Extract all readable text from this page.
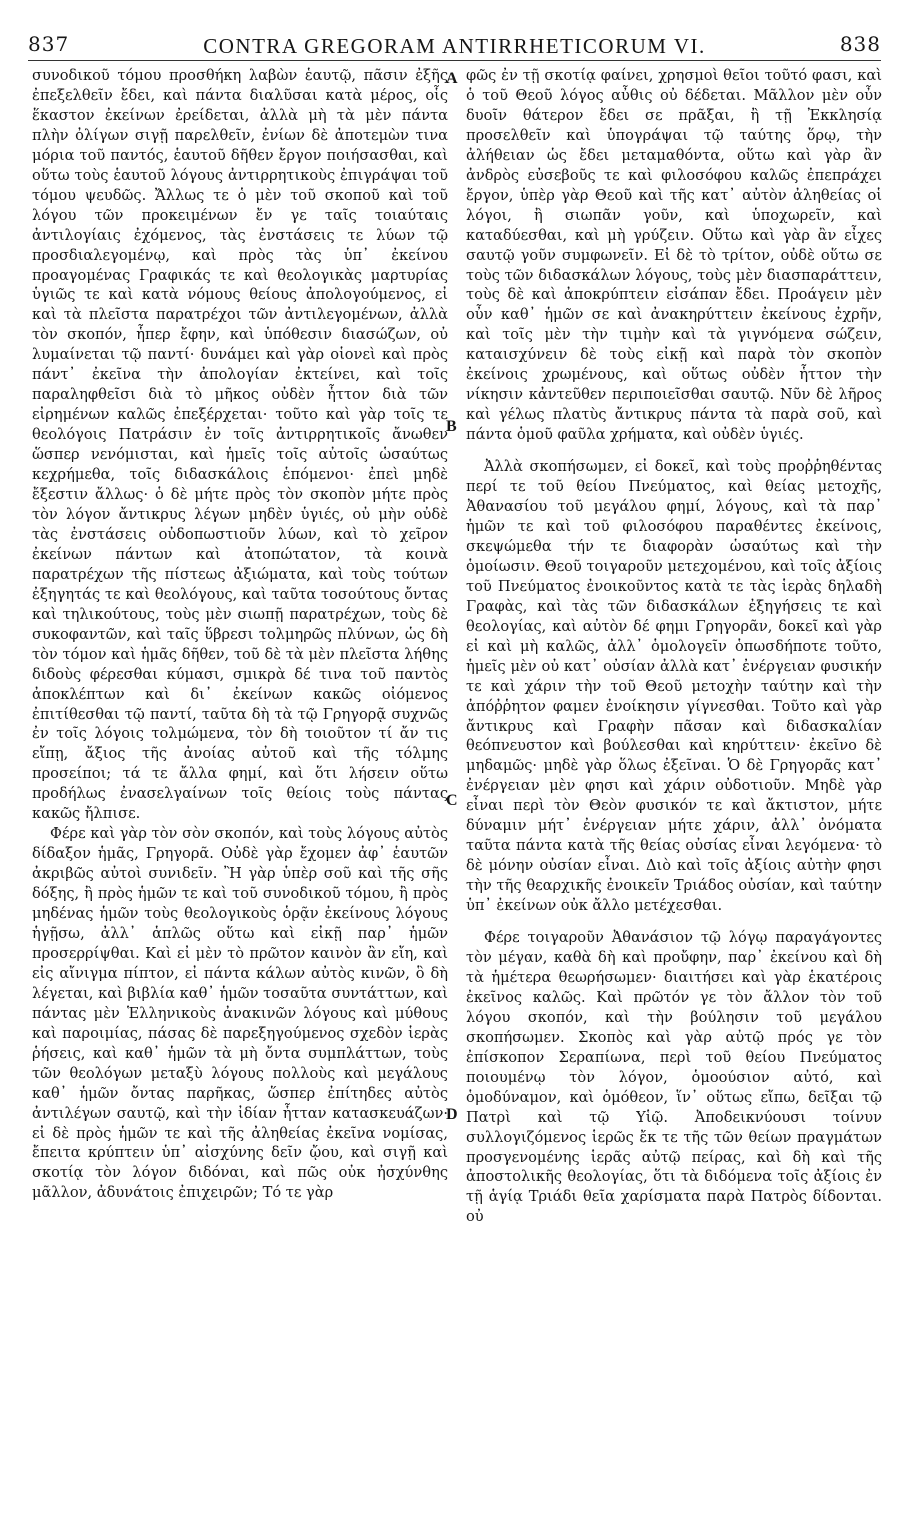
837	CONTRA GREGORAM ANTIRRHETICORUM VI.	838

συνοδικοῦ τόμου προσθήκη λαβὼν ἑαυτῷ, πᾶσιν ἐξῆς ἐπεξελθεῖν ἔδει, καὶ πάντα διαλῦσαι κατὰ μέρος, οἷς ἕκαστον ἐκείνων ἐρείδεται, ἀλλὰ μὴ τὰ μὲν πάντα πλὴν ὀλίγων σιγῇ παρελθεῖν, ἐνίων δὲ ἀποτεμὼν τινα μόρια τοῦ παντός, ἑαυτοῦ δῆθεν ἔργον ποιήσασθαι, καὶ οὕτω τοὺς ἑαυτοῦ λόγους ἀντιρρητικοὺς ἐπιγράψαι τοῦ τόμου ψευδῶς. Ἄλλως τε ὁ μὲν τοῦ σκοποῦ καὶ τοῦ λόγου τῶν προκειμένων ἔν γε ταῖς τοιαύταις ἀντιλογίαις ἐχόμενος, τὰς ἐνστάσεις τε λύων τῷ προσδιαλεγομένῳ, καὶ πρὸς τὰς ὑπ᾽ ἐκείνου προαγομένας Γραφικάς τε καὶ θεολογικὰς μαρτυρίας ὑγιῶς τε καὶ κατὰ νόμους θείους ἀπολογούμενος, εἰ καὶ τὰ πλεῖστα παρατρέχοι τῶν ἀντιλεγομένων, ἀλλὰ τὸν σκοπόν, ἧπερ ἔφην, καὶ ὑπόθεσιν διασώζων, οὐ λυμαίνεται τῷ παντί· δυνάμει καὶ γὰρ οἱονεὶ καὶ πρὸς πάντ᾽ ἐκεῖνα τὴν ἀπολογίαν ἐκτείνει, καὶ τοῖς παραληφθεῖσι διὰ τὸ μῆκος οὐδὲν ἧττον διὰ τῶν εἰρημένων καλῶς ἐπεξέρχεται· τοῦτο καὶ γὰρ τοῖς τε θεολόγοις Πατράσιν ἐν τοῖς ἀντιρρητικοῖς ἄνωθεν ὥσπερ νενόμισται, καὶ ἡμεῖς τοῖς αὐτοῖς ὡσαύτως κεχρήμεθα, τοῖς διδασκάλοις ἑπόμενοι· ἐπεὶ μηδὲ ἔξεστιν ἄλλως· ὁ δὲ μήτε πρὸς τὸν σκοπὸν μήτε πρὸς τὸν λόγον ἄντικρυς λέγων μηδὲν ὑγιές, οὐ μὴν οὐδὲ τὰς ἐνστάσεις οὐδοπωστιοῦν λύων, καὶ τὸ χεῖρον ἐκείνων πάντων καὶ ἀτοπώτατον, τὰ κοινὰ παρατρέχων τῆς πίστεως ἀξιώματα, καὶ τοὺς τούτων ἐξηγητάς τε καὶ θεολόγους, καὶ ταῦτα τοσούτους ὄντας καὶ τηλικούτους, τοὺς μὲν σιωπῇ παρατρέχων, τοὺς δὲ συκοφαντῶν, καὶ ταῖς ὕβρεσι τολμηρῶς πλύνων, ὡς δὴ τὸν τόμον καὶ ἡμᾶς δῆθεν, τοῦ δὲ τὰ μὲν πλεῖστα λήθης διδοὺς φέρεσθαι κύμασι, σμικρὰ δέ τινα τοῦ παντὸς ἀποκλέπτων καὶ δι᾽ ἐκείνων κακῶς οἰόμενος ἐπιτίθεσθαι τῷ παντί, ταῦτα δὴ τὰ τῷ Γρηγορᾷ συχνῶς ἐν τοῖς λόγοις τολμώμενα, τὸν δὴ τοιοῦτον τί ἄν τις εἴπῃ, ἄξιος τῆς ἀνοίας αὐτοῦ καὶ τῆς τόλμης προσείποι; τά τε ἄλλα φημί, καὶ ὅτι λήσειν οὕτω προδήλως ἐνασελγαίνων τοῖς θείοις τοὺς πάντας κακῶς ἤλπισε.

Φέρε καὶ γὰρ τὸν σὸν σκοπόν, καὶ τοὺς λόγους αὐτὸς δίδαξον ἡμᾶς, Γρηγορᾶ. Οὐδὲ γὰρ ἔχομεν ἀφ᾽ ἑαυτῶν ἀκριβῶς αὐτοὶ συνιδεῖν. Ἢ γὰρ ὑπὲρ σοῦ καὶ τῆς σῆς δόξης, ἢ πρὸς ἡμῶν τε καὶ τοῦ συνοδικοῦ τόμου, ἢ πρὸς μηδένας ἡμῶν τοὺς θεολογικοὺς ὁρᾷν ἐκείνους λόγους ἡγῇσω, ἀλλ᾽ ἁπλῶς οὕτω καὶ εἰκῇ παρ᾽ ἡμῶν προσερρίψθαι. Καὶ εἰ μὲν τὸ πρῶτον καινὸν ἂν εἴη, καὶ εἰς αἴνιγμα πίπτον, εἰ πάντα κάλων αὐτὸς κινῶν, ὃ δὴ λέγεται, καὶ βιβλία καθ᾽ ἡμῶν τοσαῦτα συντάττων, καὶ πάντας μὲν Ἑλληνικοὺς ἀνακινῶν λόγους καὶ μύθους καὶ παροιμίας, πάσας δὲ παρεξηγούμενος σχεδὸν ἱερὰς ῥήσεις, καὶ καθ᾽ ἡμῶν τὰ μὴ ὄντα συμπλάττων, τοὺς τῶν θεολόγων μεταξὺ λόγους πολλοὺς καὶ μεγάλους καθ᾽ ἡμῶν ὄντας παρῆκας, ὥσπερ ἐπίτηδες αὐτὸς ἀντιλέγων σαυτῷ, καὶ τὴν ἰδίαν ἧτταν κατασκευάζων· εἰ δὲ πρὸς ἡμῶν τε καὶ τῆς ἀληθείας ἐκεῖνα νομίσας, ἔπειτα κρύπτειν ὑπ᾽ αἰσχύνης δεῖν ᾤου, καὶ σιγῇ καὶ σκοτίᾳ τὸν λόγον διδόναι, καὶ πῶς οὐκ ἠσχύνθης μᾶλλον, ἀδυνάτοις ἐπιχειρῶν; Τό τε γὰρ

A
B
C
D

φῶς ἐν τῇ σκοτίᾳ φαίνει, χρησμοὶ θεῖοι τοῦτό φασι, καὶ ὁ τοῦ Θεοῦ λόγος αὖθις οὐ δέδεται. Μᾶλλον μὲν οὖν δυοῖν θάτερον ἔδει σε πρᾶξαι, ἢ τῇ Ἐκκλησίᾳ προσελθεῖν καὶ ὑπογράψαι τῷ ταύτης ὅρῳ, τὴν ἀλήθειαν ὡς ἔδει μεταμαθόντα, οὕτω καὶ γὰρ ἂν ἀνδρὸς εὐσεβοῦς τε καὶ φιλοσόφου καλῶς ἐπεπράχει ἔργον, ὑπὲρ γὰρ Θεοῦ καὶ τῆς κατ᾽ αὐτὸν ἀληθείας οἱ λόγοι, ἢ σιωπᾶν γοῦν, καὶ ὑποχωρεῖν, καὶ καταδύεσθαι, καὶ μὴ γρύζειν. Οὕτω καὶ γὰρ ἂν εἶχες σαυτῷ γοῦν συμφωνεῖν. Εἰ δὲ τὸ τρίτον, οὐδὲ οὕτω σε τοὺς τῶν διδασκάλων λόγους, τοὺς μὲν διασπαράττειν, τοὺς δὲ καὶ ἀποκρύπτειν εἰσάπαν ἔδει. Προάγειν μὲν οὖν καθ᾽ ἡμῶν σε καὶ ἀνακηρύττειν ἐκείνους ἐχρῆν, καὶ τοῖς μὲν τὴν τιμὴν καὶ τὰ γιγνόμενα σώζειν, καταισχύνειν δὲ τοὺς εἰκῇ καὶ παρὰ τὸν σκοπὸν ἐκείνοις χρωμένους, καὶ οὕτως οὐδὲν ἧττον τὴν νίκησιν κἀντεῦθεν περιποιεῖσθαι σαυτῷ. Νῦν δὲ λῆρος καὶ γέλως πλατὺς ἄντικρυς πάντα τὰ παρὰ σοῦ, καὶ πάντα ὁμοῦ φαῦλα χρήματα, καὶ οὐδὲν ὑγιές.

Ἀλλὰ σκοπήσωμεν, εἰ δοκεῖ, καὶ τοὺς προῤῥηθέντας περί τε τοῦ θείου Πνεύματος, καὶ θείας μετοχῆς, Ἀθανασίου τοῦ μεγάλου φημί, λόγους, καὶ τὰ παρ᾽ ἡμῶν τε καὶ τοῦ φιλοσόφου παραθέντες ἐκείνοις, σκεψώμεθα τήν τε διαφορὰν ὡσαύτως καὶ τὴν ὁμοίωσιν. Θεοῦ τοιγαροῦν μετεχομένου, καὶ τοῖς ἀξίοις τοῦ Πνεύματος ἐνοικοῦντος κατὰ τε τὰς ἱερὰς δηλαδὴ Γραφὰς, καὶ τὰς τῶν διδασκάλων ἐξηγήσεις τε καὶ θεολογίας, καὶ αὐτὸν δέ φημι Γρηγορᾶν, δοκεῖ καὶ γὰρ εἰ καὶ μὴ καλῶς, ἀλλ᾽ ὁμολογεῖν ὁπωσδήποτε τοῦτο, ἡμεῖς μὲν οὐ κατ᾽ οὐσίαν ἀλλὰ κατ᾽ ἐνέργειαν φυσικήν τε καὶ χάριν τὴν τοῦ Θεοῦ μετοχὴν ταύτην καὶ τὴν ἀπόῤῥητον φαμεν ἐνοίκησιν γίγνεσθαι. Τοῦτο καὶ γὰρ ἄντικρυς καὶ Γραφὴν πᾶσαν καὶ διδασκαλίαν θεόπνευστον καὶ βούλεσθαι καὶ κηρύττειν· ἐκεῖνο δὲ μηδαμῶς· μηδὲ γὰρ ὅλως ἐξεῖναι. Ὁ δὲ Γρηγορᾶς κατ᾽ ἐνέργειαν μὲν φησι καὶ χάριν οὐδοτιοῦν. Μηδὲ γὰρ εἶναι περὶ τὸν Θεὸν φυσικόν τε καὶ ἄκτιστον, μήτε δύναμιν μήτ᾽ ἐνέργειαν μήτε χάριν, ἀλλ᾽ ὀνόματα ταῦτα πάντα κατὰ τῆς θείας οὐσίας εἶναι λεγόμενα· τὸ δὲ μόνην οὐσίαν εἶναι. Διὸ καὶ τοῖς ἀξίοις αὐτὴν φησι τὴν τῆς θεαρχικῆς ἐνοικεῖν Τριάδος οὐσίαν, καὶ ταύτην ὑπ᾽ ἐκείνων οὐκ ἄλλο μετέχεσθαι.

Φέρε τοιγαροῦν Ἀθανάσιον τῷ λόγῳ παραγάγοντες τὸν μέγαν, καθὰ δὴ καὶ προὔφην, παρ᾽ ἐκείνου καὶ δὴ τὰ ἡμέτερα θεωρήσωμεν· διαιτήσει καὶ γὰρ ἑκατέροις ἐκεῖνος καλῶς. Καὶ πρῶτόν γε τὸν ἄλλον τὸν τοῦ λόγου σκοπόν, καὶ τὴν βούλησιν τοῦ μεγάλου σκοπήσωμεν. Σκοπὸς καὶ γὰρ αὐτῷ πρός γε τὸν ἐπίσκοπον Σεραπίωνα, περὶ τοῦ θείου Πνεύματος ποιουμένῳ τὸν λόγον, ὁμοούσιον αὐτό, καὶ ὁμοδύναμον, καὶ ὁμόθεον, ἵν᾽ οὕτως εἴπω, δεῖξαι τῷ Πατρὶ καὶ τῷ Υἱῷ. Ἀποδεικνύουσι τοίνυν συλλογιζόμενος ἱερῶς ἔκ τε τῆς τῶν θείων πραγμάτων προσγενομένης ἱερᾶς αὐτῷ πείρας, καὶ δὴ καὶ τῆς ἀποστολικῆς θεολογίας, ὅτι τὰ διδόμενα τοῖς ἀξίοις ἐν τῇ ἁγίᾳ Τριάδι θεῖα χαρίσματα παρὰ Πατρὸς δίδονται. οὐ
